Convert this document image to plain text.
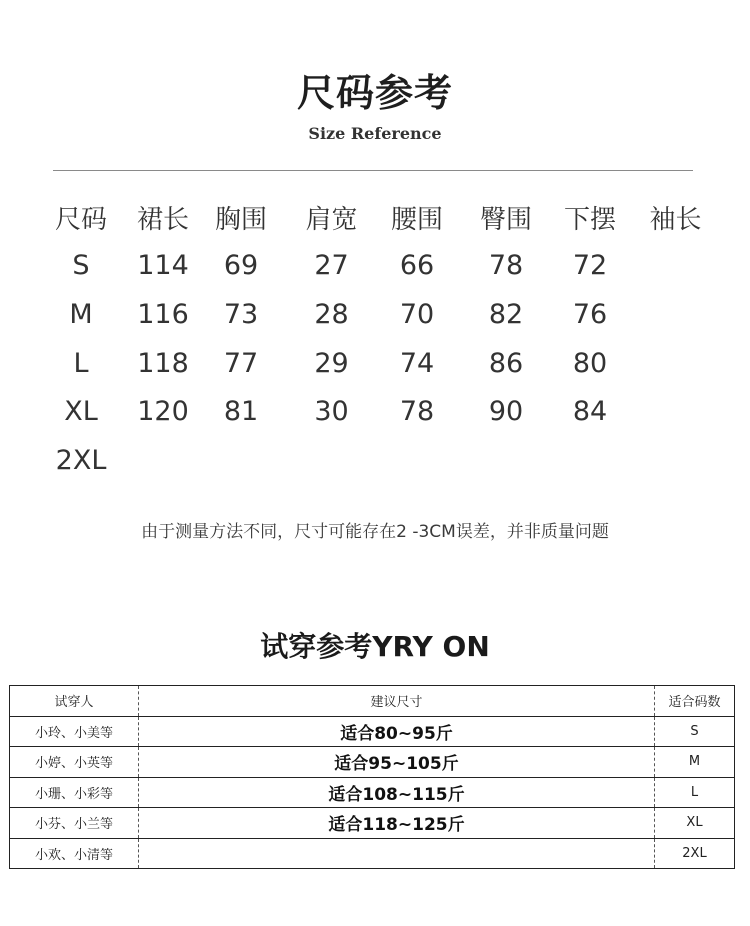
尺码参考
Size Reference
尺码	裙长	胸围	肩宽	腰围	臀围	下摆	袖长
S	114	69	27	66	78	72	
M	116	73	28	70	82	76	
L	118	77	29	74	86	80	
XL	120	81	30	78	90	84	
2XL							
由于测量方法不同，尺寸可能存在2 -3CM误差，并非质量问题
试穿参考YRY ON
试穿人	建议尺寸	适合码数
小玲、小美等	适合80~95斤	S
小婷、小英等	适合95~105斤	M
小珊、小彩等	适合108~115斤	L
小芬、小兰等	适合118~125斤	XL
小欢、小清等		2XL
